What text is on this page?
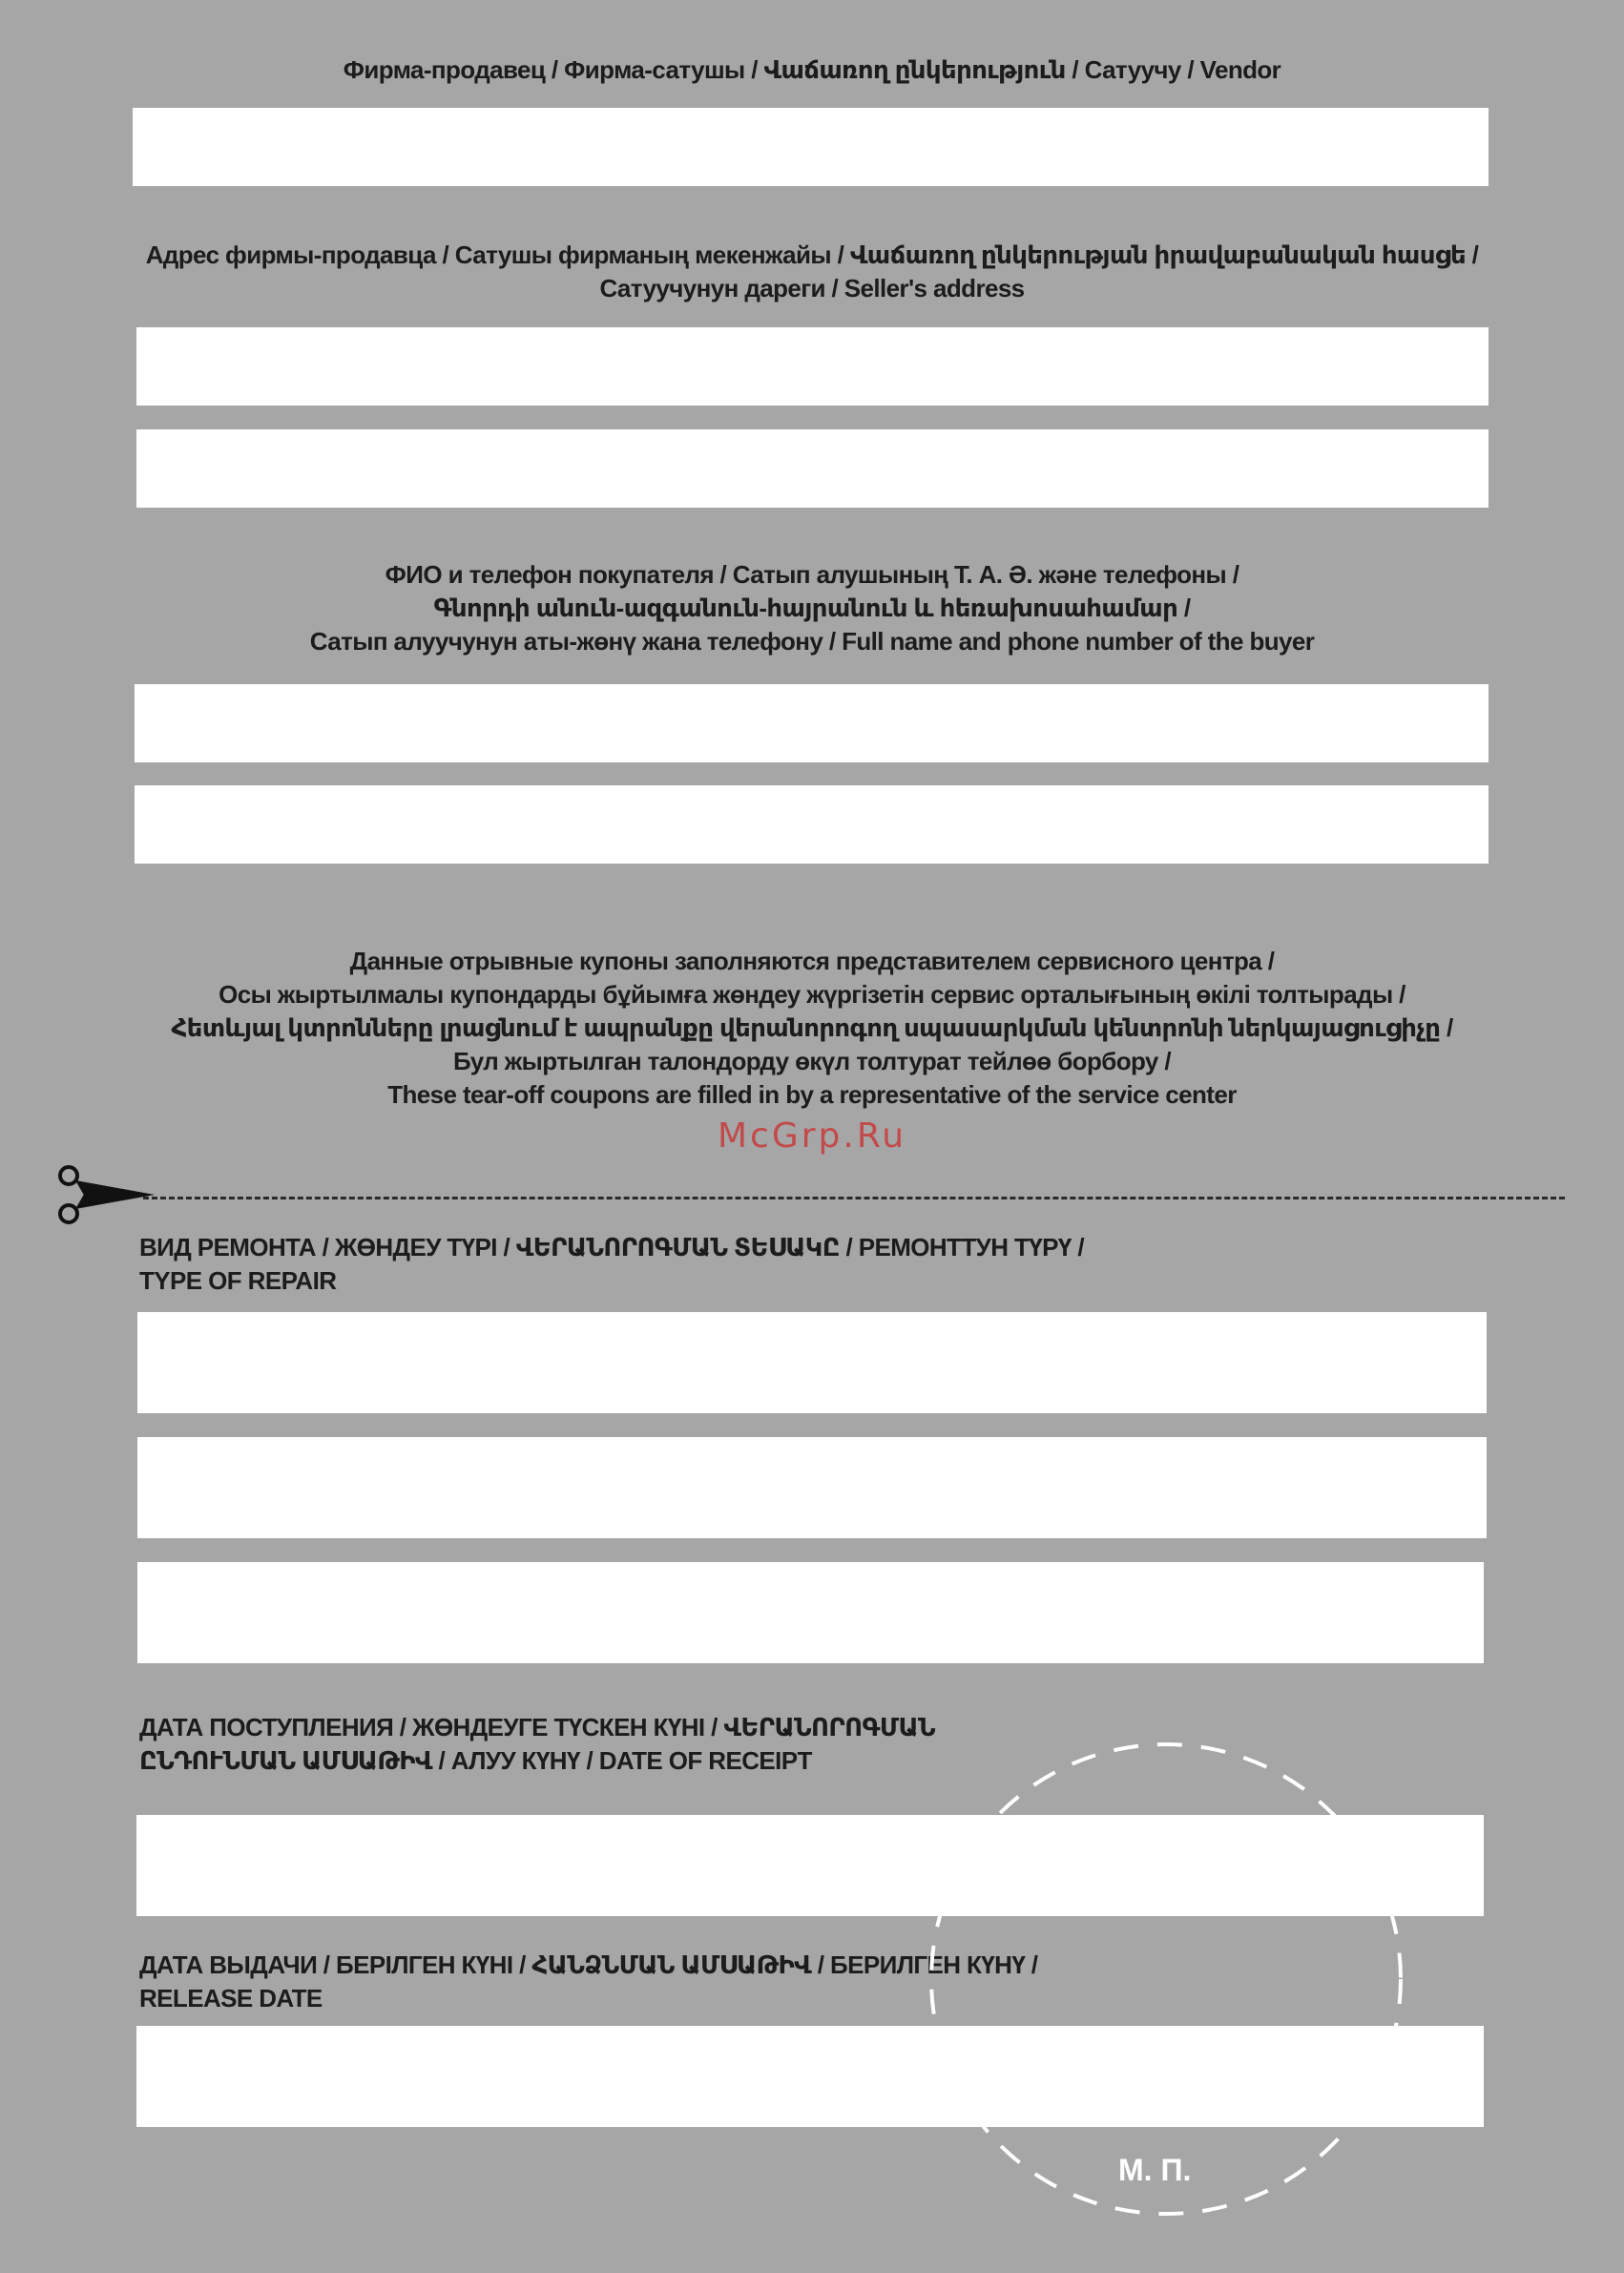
Фирма-продавец / Фирма-сатушы / Վաճառող ընկերություն / Сатуучу / Vendor
Адрес фирмы-продавца / Сатушы фирманың мекенжайы / Վաճառող ընկերության իրավաբանական հասցե /
Сатуучунун дареги / Seller's address
ФИО и телефон покупателя / Сатып алушының Т. А. Ә. және телефоны /
Գնորդի անուն-ազգանուն-հայրանուն և հեռախոսահամար /
Сатып алуучунун аты-жөнү жана телефону / Full name and phone number of the buyer
Данные отрывные купоны заполняются представителем сервисного центра /
Осы жыртылмалы купондарды бұйымға жөндеу жүргізетін сервис орталығының өкілі толтырады /
Հետևյալ կտրոնները լրացնում է ապրանքը վերանորոգող սպասարկման կենտրոնի ներկայացուցիչը /
Бул жыртылган талондорду өкүл толтурат тейлөө борбору /
These tear-off coupons are filled in by a representative of the service center
McGrp.Ru
ВИД РЕМОНТА / ЖӨНДЕУ ТҮРІ / ՎԵՐԱՆՈՐՈԳՄԱՆ ՏԵՍԱԿԸ / РЕМОНТТУН ТҮРҮ /
TYPE OF REPAIR
ДАТА ПОСТУПЛЕНИЯ / ЖӨНДЕУГЕ ТҮСКЕН КҮНІ / ՎԵՐԱՆՈՐՈԳՄԱՆ
ԸՆԴՈՒՆՄԱՆ ԱՄՍԱԹԻՎ / АЛУУ КҮНҮ / DATE OF RECEIPT
ДАТА ВЫДАЧИ / БЕРІЛГЕН КҮНІ / ՀԱՆՁՆՄԱՆ ԱՄՍԱԹԻՎ / БЕРИЛГЕН КҮНҮ /
RELEASE DATE
М. П.
